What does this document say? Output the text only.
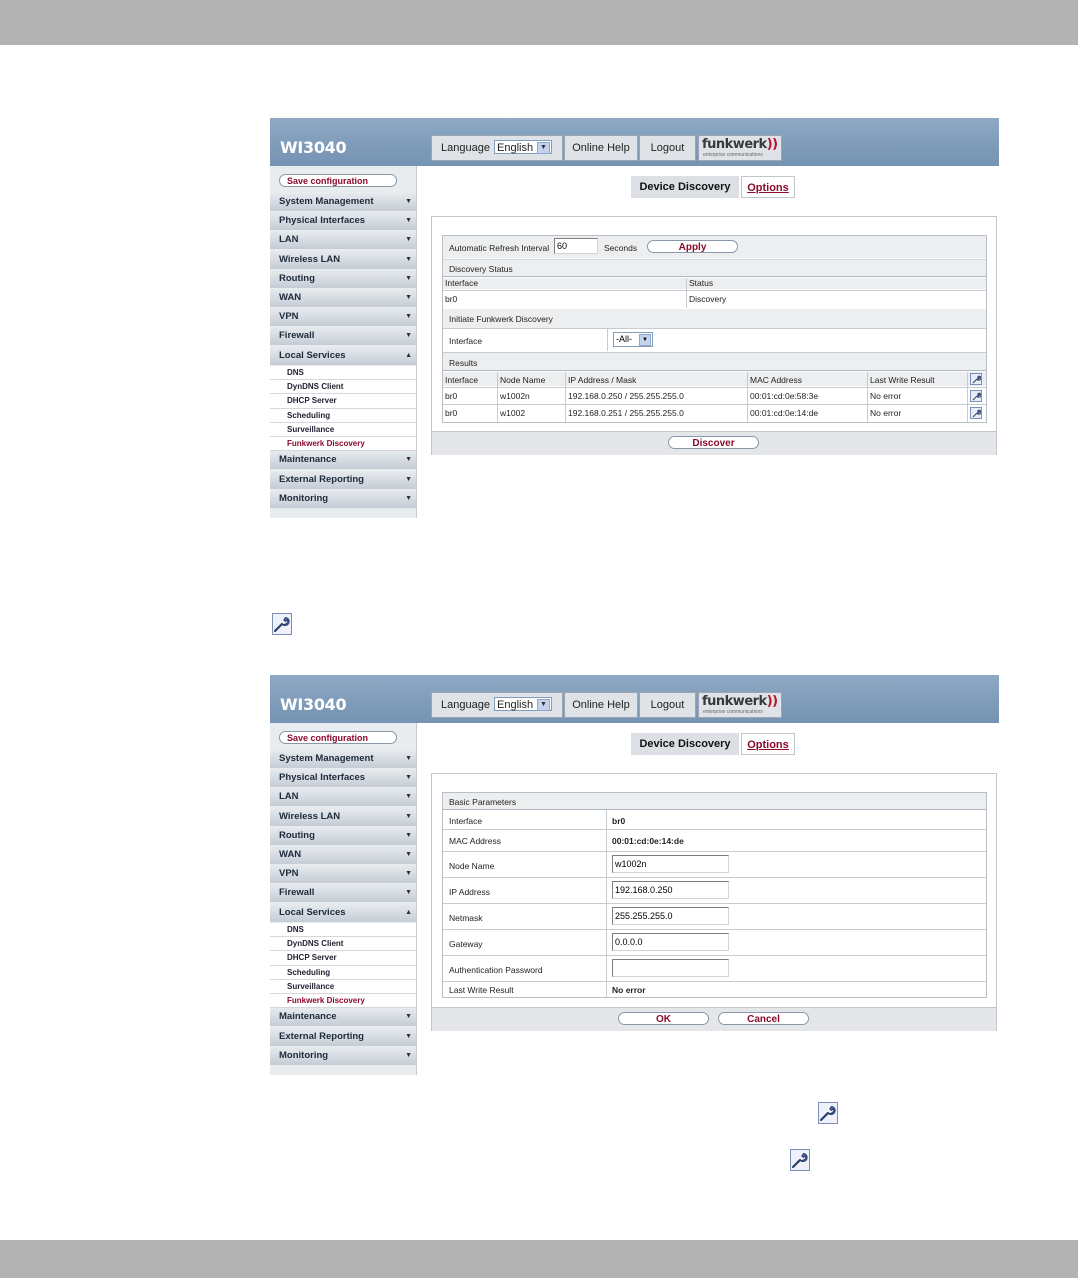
WI3040	Language English ▼	Online Help	Logout	funkwerk))
enterprise communications
Save configuration
System Management	▼
Physical Interfaces	▼
LAN	▼
Wireless LAN	▼
Routing	▼
WAN	▼
VPN	▼
Firewall	▼
Local Services	▲
DNS
DynDNS Client
DHCP Server
Scheduling
Surveillance
Funkwerk Discovery
Maintenance	▼
External Reporting	▼
Monitoring	▼
Device Discovery	Options
Automatic Refresh Interval 60	Seconds	Apply
Discovery Status
Interface	Status
br0	Discovery
Initiate Funkwerk Discovery
Interface	-All-	▼
Results
Interface	Node Name	IP Address / Mask	MAC Address	Last Write Result
br0	w1002n	192.168.0.250 / 255.255.255.0	00:01:cd:0e:58:3e	No error
br0	w1002	192.168.0.251 / 255.255.255.0	00:01:cd:0e:14:de	No error
Discover
WI3040	Language English ▼	Online Help	Logout	funkwerk))
enterprise communications
Save configuration
System Management	▼
Physical Interfaces	▼
LAN	▼
Wireless LAN	▼
Routing	▼
WAN	▼
VPN	▼
Firewall	▼
Local Services	▲
DNS
DynDNS Client
DHCP Server
Scheduling
Surveillance
Funkwerk Discovery
Maintenance	▼
External Reporting	▼
Monitoring	▼
Device Discovery	Options
Basic Parameters
Interface	br0
MAC Address	00:01:cd:0e:14:de
Node Name	w1002n
IP Address	192.168.0.250
Netmask	255.255.255.0
Gateway	0.0.0.0
Authentication Password
Last Write Result	No error
OK	Cancel
